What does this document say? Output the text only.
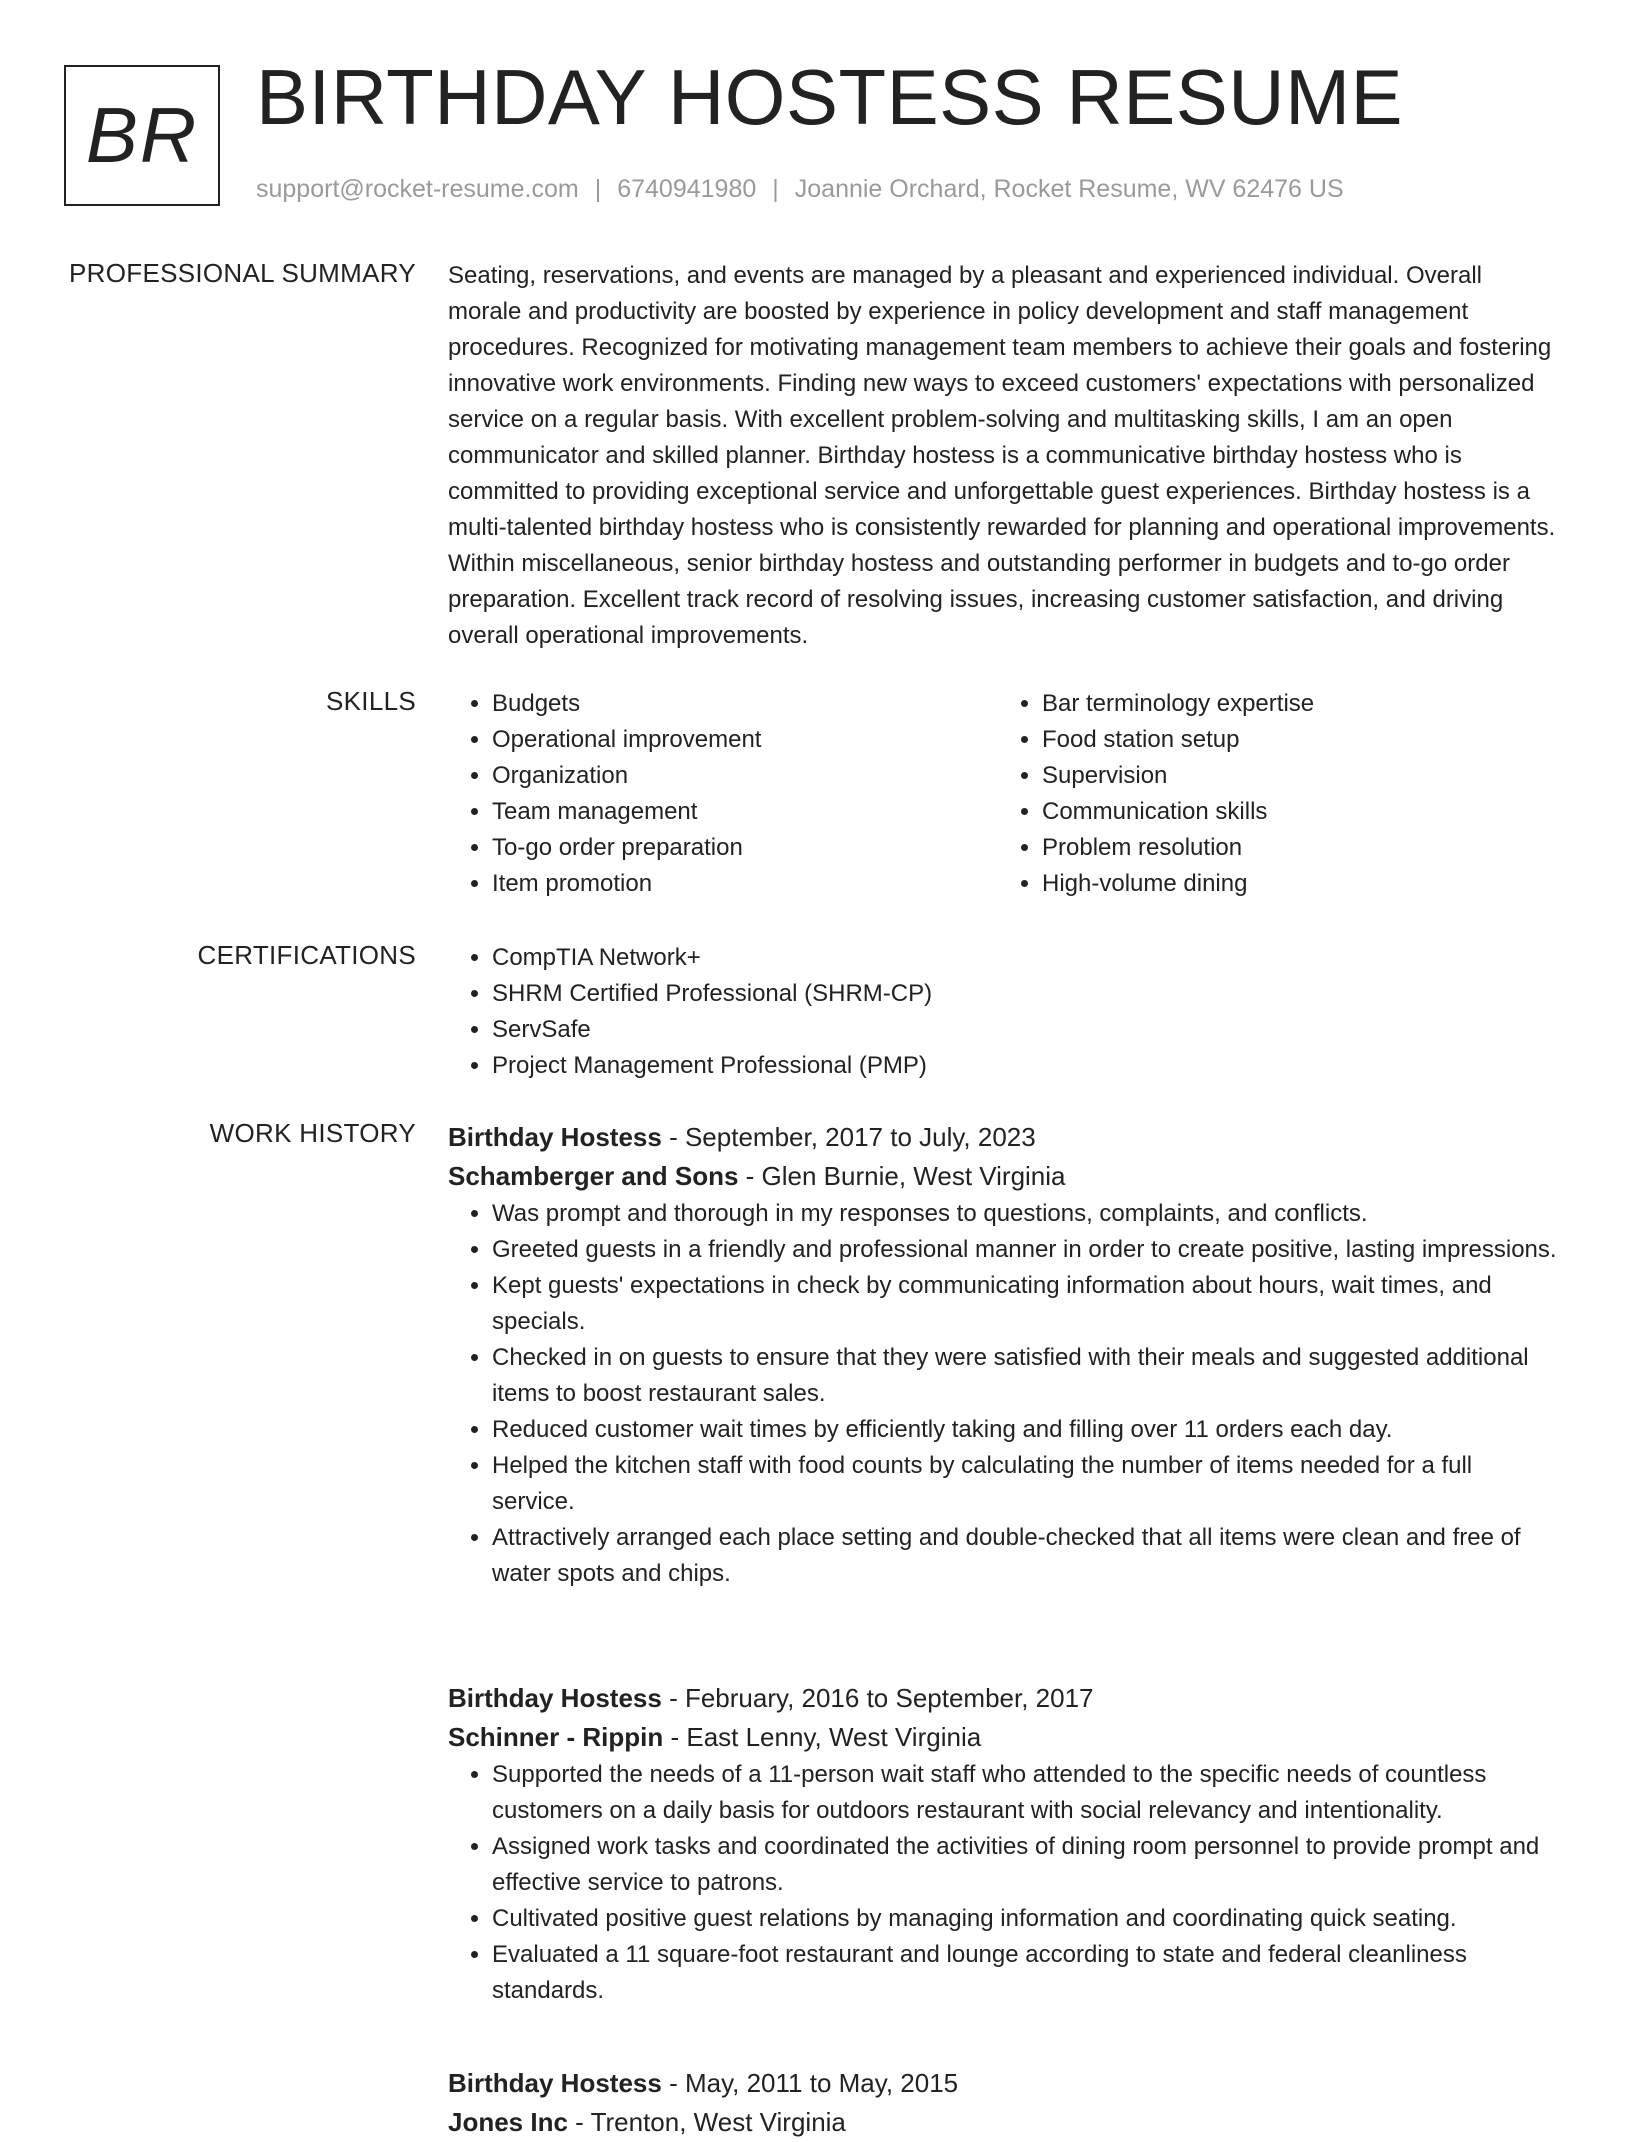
BR BIRTHDAY HOSTESS RESUME
support@rocket-resume.com | 6740941980 | Joannie Orchard, Rocket Resume, WV 62476 US
PROFESSIONAL SUMMARY Seating, reservations, and events are managed by a pleasant and experienced individual. Overall morale and productivity are boosted by experience in policy development and staff management procedures. Recognized for motivating management team members to achieve their goals and fostering innovative work environments. Finding new ways to exceed customers' expectations with personalized service on a regular basis. With excellent problem-solving and multitasking skills, I am an open communicator and skilled planner. Birthday hostess is a communicative birthday hostess who is committed to providing exceptional service and unforgettable guest experiences. Birthday hostess is a multi-talented birthday hostess who is consistently rewarded for planning and operational improvements. Within miscellaneous, senior birthday hostess and outstanding performer in budgets and to-go order preparation. Excellent track record of resolving issues, increasing customer satisfaction, and driving overall operational improvements.
SKILLS	• Budgets
• Operational improvement
• Organization
• Team management
• To-go order preparation
• Item promotion
• Bar terminology expertise
• Food station setup
• Supervision
• Communication skills
• Problem resolution
• High-volume dining
CERTIFICATIONS	• CompTIA Network+
• SHRM Certified Professional (SHRM-CP)
• ServSafe
• Project Management Professional (PMP)
WORK HISTORY Birthday Hostess - September, 2017 to July, 2023
Schamberger and Sons - Glen Burnie, West Virginia
• Was prompt and thorough in my responses to questions, complaints, and conflicts.
• Greeted guests in a friendly and professional manner in order to create positive, lasting impressions.
• Kept guests' expectations in check by communicating information about hours, wait times, and specials.
• Checked in on guests to ensure that they were satisfied with their meals and suggested additional items to boost restaurant sales.
• Reduced customer wait times by efficiently taking and filling over 11 orders each day.
• Helped the kitchen staff with food counts by calculating the number of items needed for a full service.
• Attractively arranged each place setting and double-checked that all items were clean and free of water spots and chips.
Birthday Hostess - February, 2016 to September, 2017
Schinner - Rippin - East Lenny, West Virginia
• Supported the needs of a 11-person wait staff who attended to the specific needs of countless customers on a daily basis for outdoors restaurant with social relevancy and intentionality.
• Assigned work tasks and coordinated the activities of dining room personnel to provide prompt and effective service to patrons.
• Cultivated positive guest relations by managing information and coordinating quick seating.
• Evaluated a 11 square-foot restaurant and lounge according to state and federal cleanliness standards.
Birthday Hostess - May, 2011 to May, 2015
Jones Inc - Trenton, West Virginia
